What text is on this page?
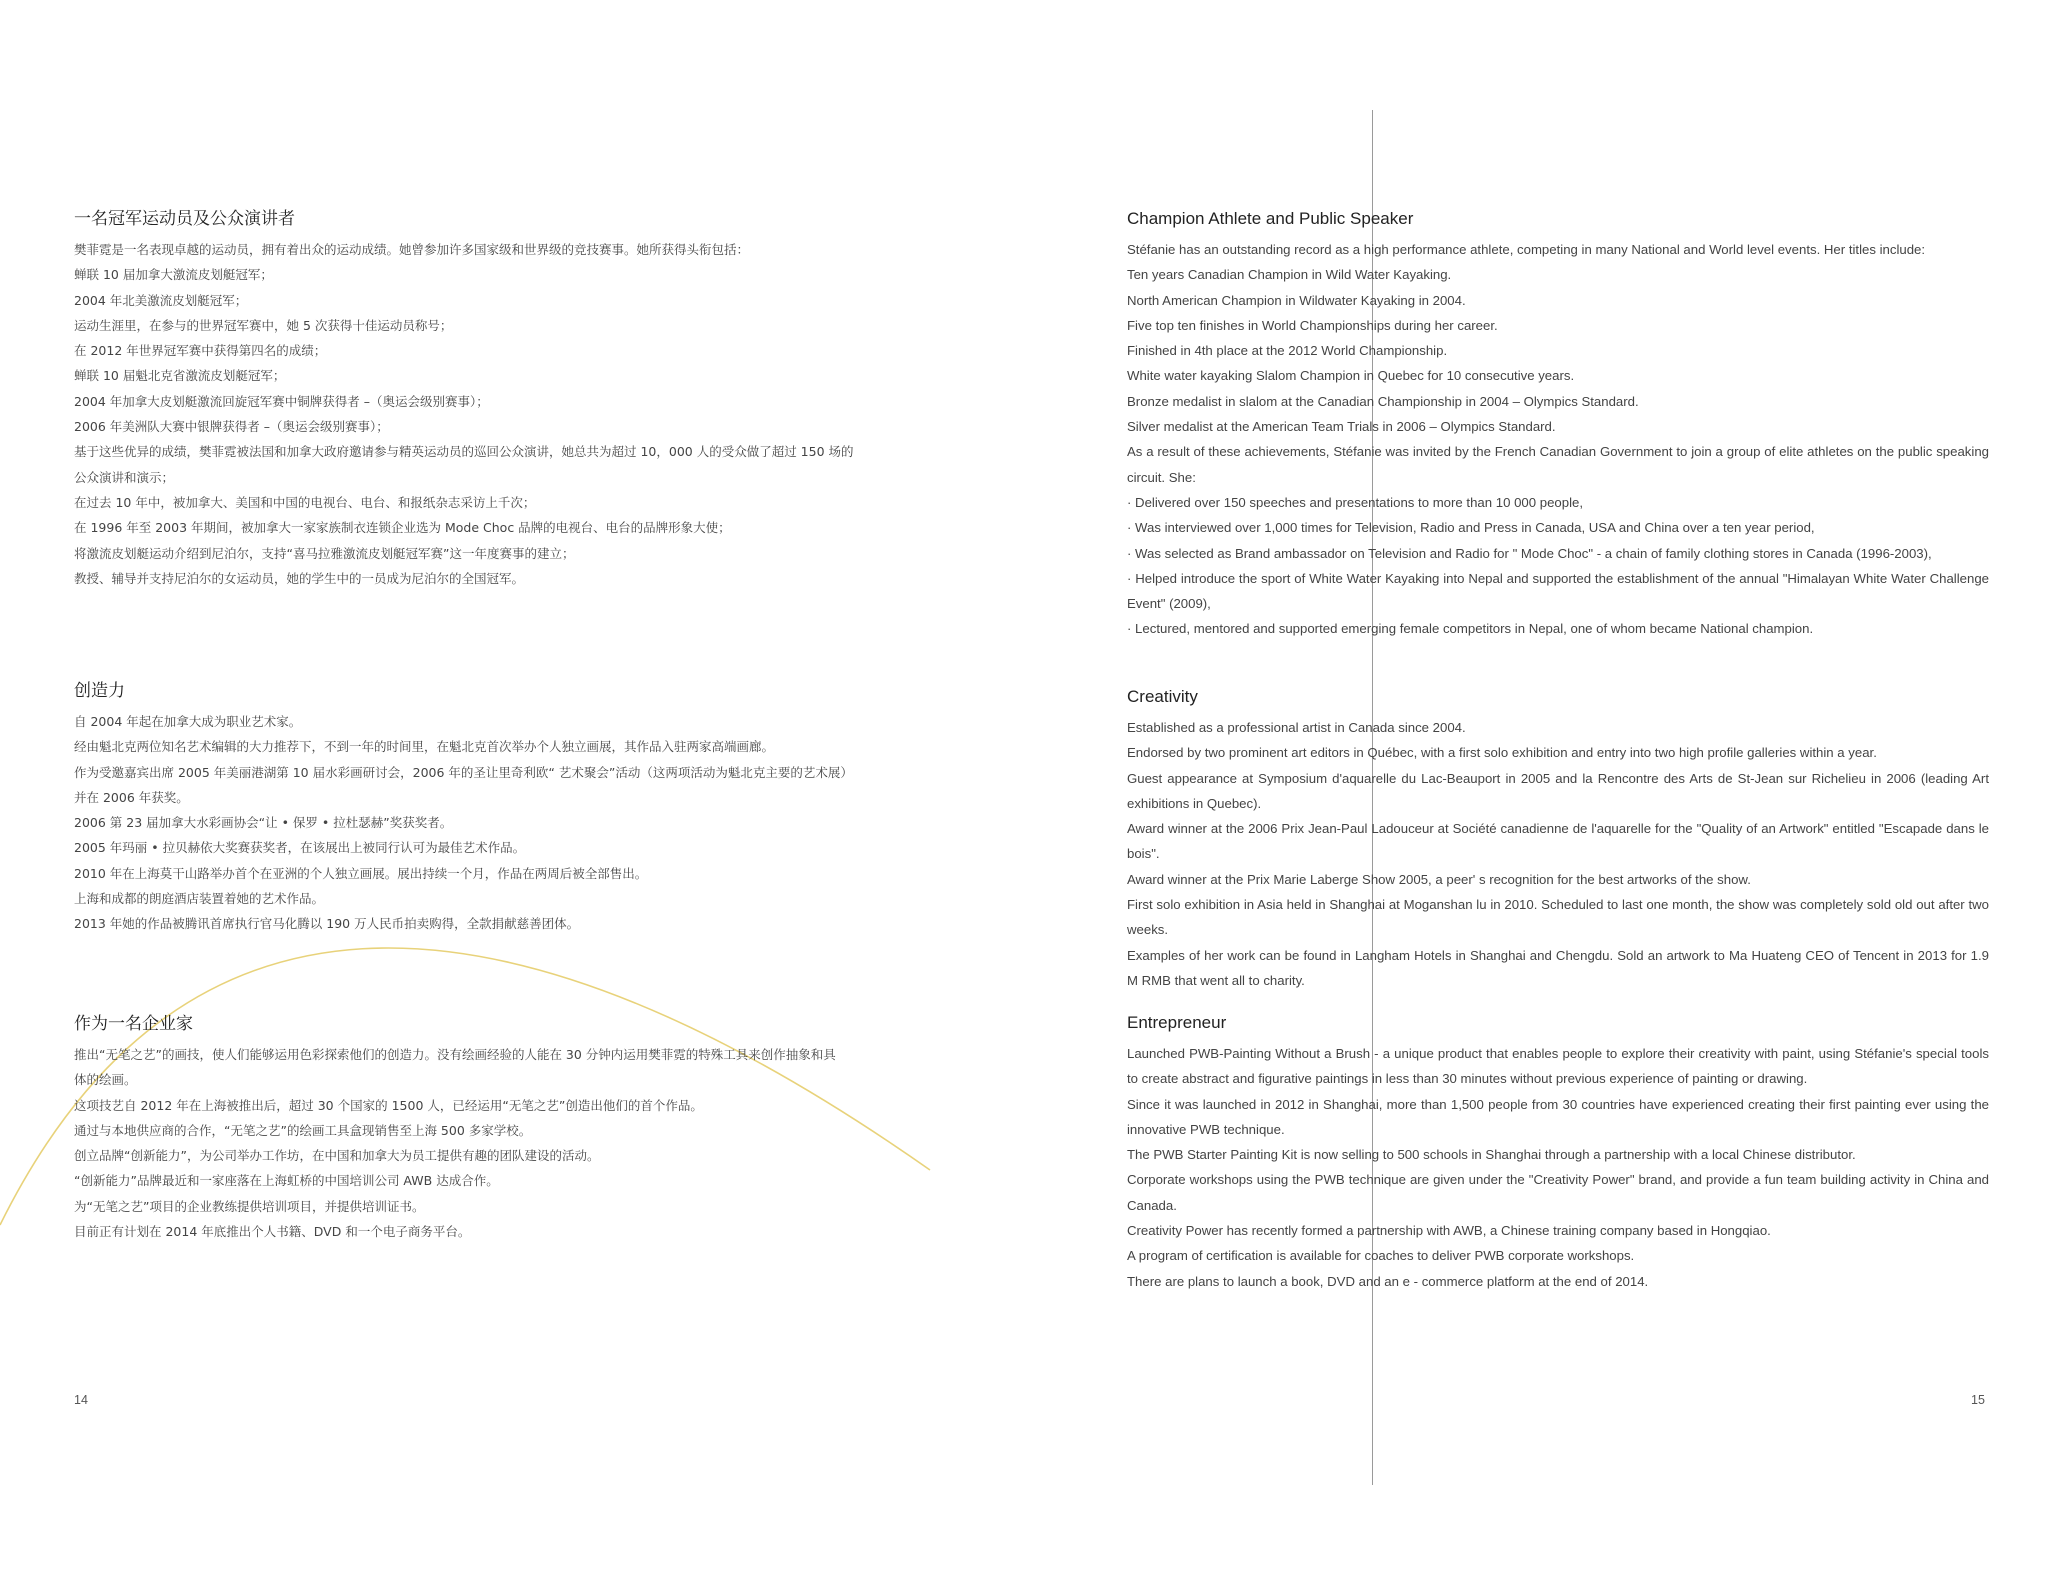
一名冠军运动员及公众演讲者

樊菲霓是一名表现卓越的运动员，拥有着出众的运动成绩。她曾参加许多国家级和世界级的竞技赛事。她所获得头衔包括：

蝉联 10 届加拿大激流皮划艇冠军；

2004 年北美激流皮划艇冠军；

运动生涯里，在参与的世界冠军赛中，她 5 次获得十佳运动员称号；

在 2012 年世界冠军赛中获得第四名的成绩；

蝉联 10 届魁北克省激流皮划艇冠军；

2004 年加拿大皮划艇激流回旋冠军赛中铜牌获得者 –（奥运会级别赛事）；

2006 年美洲队大赛中银牌获得者 –（奥运会级别赛事）；

基于这些优异的成绩，樊菲霓被法国和加拿大政府邀请参与精英运动员的巡回公众演讲，她总共为超过 10，000 人的受众做了超过 150 场的

公众演讲和演示；

在过去 10 年中，被加拿大、美国和中国的电视台、电台、和报纸杂志采访上千次；

在 1996 年至 2003 年期间，被加拿大一家家族制衣连锁企业选为 Mode Choc 品牌的电视台、电台的品牌形象大使；

将激流皮划艇运动介绍到尼泊尔，支持“喜马拉雅激流皮划艇冠军赛”这一年度赛事的建立；

教授、辅导并支持尼泊尔的女运动员，她的学生中的一员成为尼泊尔的全国冠军。

创造力

自 2004 年起在加拿大成为职业艺术家。

经由魁北克两位知名艺术编辑的大力推荐下，不到一年的时间里，在魁北克首次举办个人独立画展，其作品入驻两家高端画廊。

作为受邀嘉宾出席 2005 年美丽港湖第 10 届水彩画研讨会，2006 年的圣让里奇利欧“ 艺术聚会”活动（这两项活动为魁北克主要的艺术展）

并在 2006 年获奖。

2006 第 23 届加拿大水彩画协会“让 • 保罗 • 拉杜瑟赫”奖获奖者。

2005 年玛丽 • 拉贝赫依大奖赛获奖者，在该展出上被同行认可为最佳艺术作品。

2010 年在上海莫干山路举办首个在亚洲的个人独立画展。展出持续一个月，作品在两周后被全部售出。

上海和成都的朗庭酒店装置着她的艺术作品。

2013 年她的作品被腾讯首席执行官马化腾以 190 万人民币拍卖购得，全款捐献慈善团体。

作为一名企业家

推出“无笔之艺”的画技，使人们能够运用色彩探索他们的创造力。没有绘画经验的人能在 30 分钟内运用樊菲霓的特殊工具来创作抽象和具

体的绘画。

这项技艺自 2012 年在上海被推出后，超过 30 个国家的 1500 人，已经运用“无笔之艺”创造出他们的首个作品。

通过与本地供应商的合作，“无笔之艺”的绘画工具盒现销售至上海 500 多家学校。

创立品牌“创新能力”，为公司举办工作坊，在中国和加拿大为员工提供有趣的团队建设的活动。

“创新能力”品牌最近和一家座落在上海虹桥的中国培训公司 AWB 达成合作。

为“无笔之艺”项目的企业教练提供培训项目，并提供培训证书。

目前正有计划在 2014 年底推出个人书籍、DVD 和一个电子商务平台。

14
Champion Athlete and Public Speaker

Stéfanie has an outstanding record as a high performance athlete, competing in many National and World level events. Her titles include:

Ten years Canadian Champion in Wild Water Kayaking.

North American Champion in Wildwater Kayaking in 2004.

Five top ten finishes in World Championships during her career.

Finished in 4th place at the 2012 World Championship.

White water kayaking Slalom Champion in Quebec for 10 consecutive years.

Bronze medalist in slalom at the Canadian Championship in 2004 – Olympics Standard.

Silver medalist at the American Team Trials in 2006 – Olympics Standard.

As a result of these achievements, Stéfanie was invited by the French Canadian Government to join a group of elite athletes on the public speaking circuit. She:

· Delivered over 150 speeches and presentations to more than 10 000 people,

· Was interviewed over 1,000 times for Television, Radio and Press in Canada, USA and China over a ten year period,

· Was selected as Brand ambassador on Television and Radio for " Mode Choc" - a chain of family clothing stores in Canada (1996-2003),

· Helped introduce the sport of White Water Kayaking into Nepal and supported the establishment of the annual "Himalayan White Water Challenge Event" (2009),

· Lectured, mentored and supported emerging female competitors in Nepal, one of whom became National champion.

Creativity

Established as a professional artist in Canada since 2004.

Endorsed by two prominent art editors in Québec, with a first solo exhibition and entry into two high profile galleries within a year.

Guest appearance at Symposium d'aquarelle du Lac-Beauport in 2005 and la Rencontre des Arts de St-Jean sur Richelieu in 2006 (leading Art exhibitions in Quebec).

Award winner at the 2006 Prix Jean-Paul Ladouceur at Société canadienne de l'aquarelle for the "Quality of an Artwork" entitled "Escapade dans le bois".

Award winner at the Prix Marie Laberge Show 2005, a peer' s recognition for the best artworks of the show.

First solo exhibition in Asia held in Shanghai at Moganshan lu in 2010. Scheduled to last one month, the show was completely sold old out after two weeks.

Examples of her work can be found in Langham Hotels in Shanghai and Chengdu. Sold an artwork to Ma Huateng CEO of Tencent in 2013 for 1.9 M RMB that went all to charity.

Entrepreneur

Launched PWB-Painting Without a Brush - a unique product that enables people to explore their creativity with paint, using Stéfanie's special tools to create abstract and figurative paintings in less than 30 minutes without previous experience of painting or drawing.

Since it was launched in 2012 in Shanghai, more than 1,500 people from 30 countries have experienced creating their first painting ever using the innovative PWB technique.

The PWB Starter Painting Kit is now selling to 500 schools in Shanghai through a partnership with a local Chinese distributor.

Corporate workshops using the PWB technique are given under the "Creativity Power" brand, and provide a fun team building activity in China and Canada.

Creativity Power has recently formed a partnership with AWB, a Chinese training company based in Hongqiao.

A program of certification is available for coaches to deliver PWB corporate workshops.

There are plans to launch a book, DVD and an e - commerce platform at the end of 2014.

15
